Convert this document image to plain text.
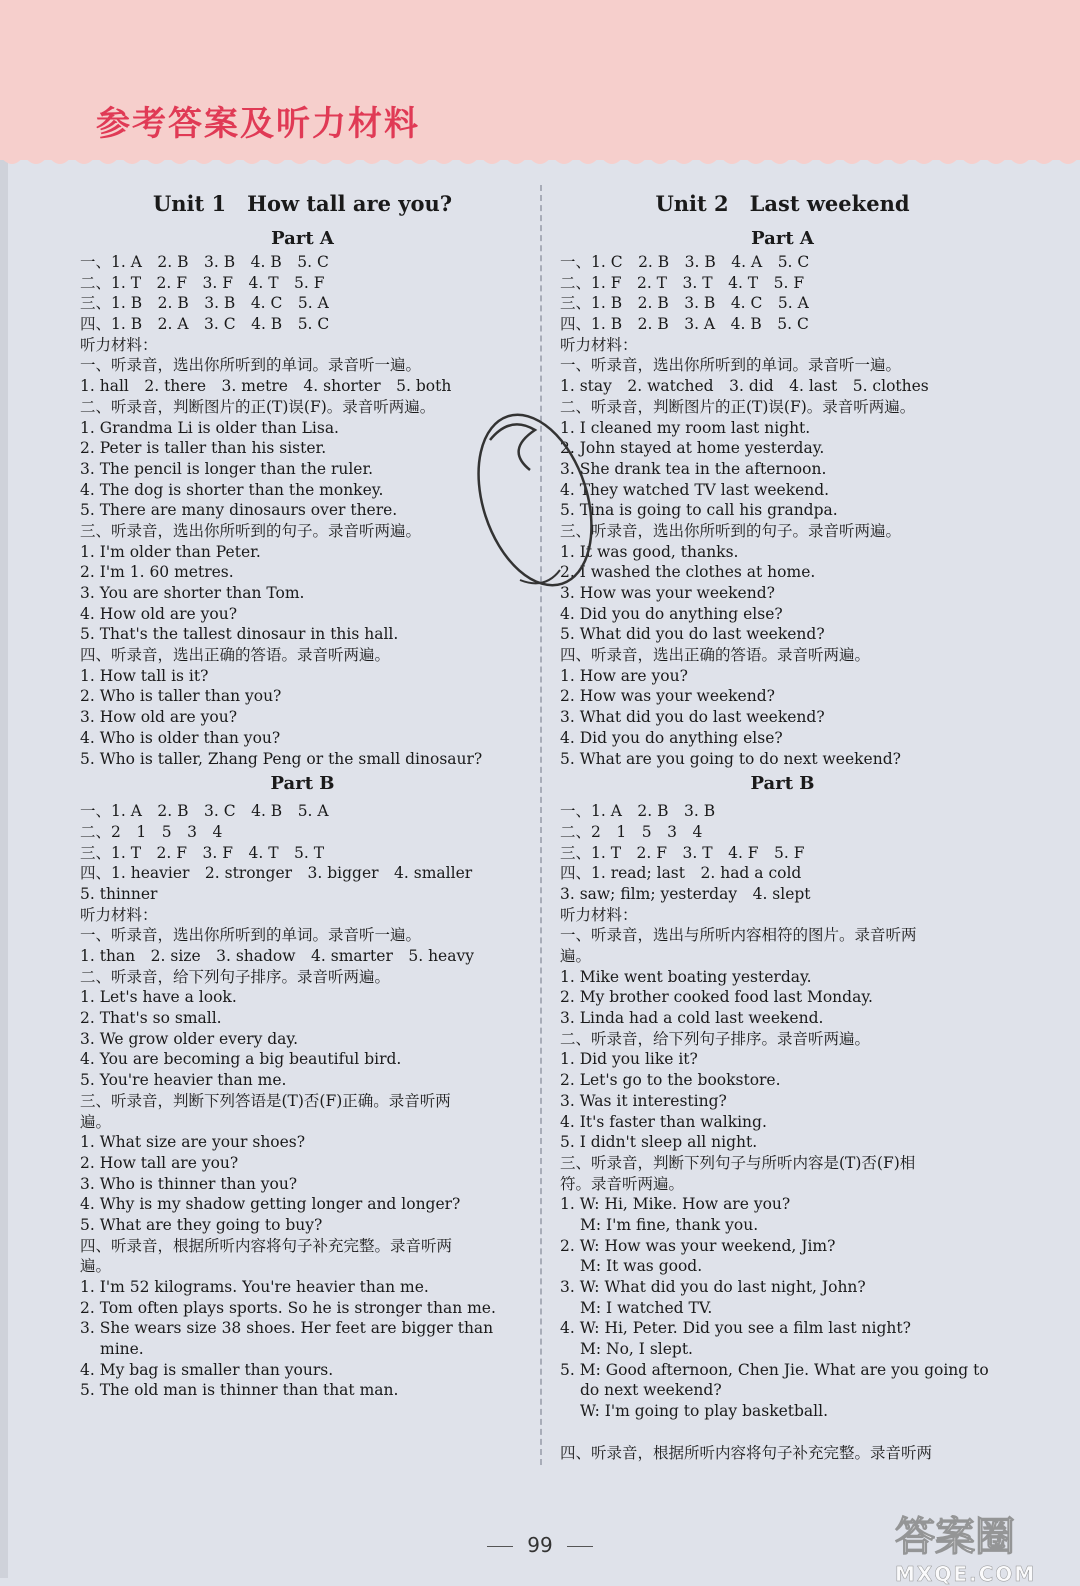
参考答案及听力材料
Unit 1　How tall are you?
Part A
一、1. A　2. B　3. B　4. B　5. C
二、1. T　2. F　3. F　4. T　5. F
三、1. B　2. B　3. B　4. C　5. A
四、1. B　2. A　3. C　4. B　5. C
听力材料：
一、听录音，选出你所听到的单词。录音听一遍。
1. hall　2. there　3. metre　4. shorter　5. both
二、听录音，判断图片的正(T)误(F)。录音听两遍。
1. Grandma Li is older than Lisa.
2. Peter is taller than his sister.
3. The pencil is longer than the ruler.
4. The dog is shorter than the monkey.
5. There are many dinosaurs over there.
三、听录音，选出你所听到的句子。录音听两遍。
1. I'm older than Peter.
2. I'm 1. 60 metres.
3. You are shorter than Tom.
4. How old are you?
5. That's the tallest dinosaur in this hall.
四、听录音，选出正确的答语。录音听两遍。
1. How tall is it?
2. Who is taller than you?
3. How old are you?
4. Who is older than you?
5. Who is taller, Zhang Peng or the small dinosaur?
Part B
一、1. A　2. B　3. C　4. B　5. A
二、2　1　5　3　4
三、1. T　2. F　3. F　4. T　5. T
四、1. heavier　2. stronger　3. bigger　4. smaller
5. thinner
听力材料：
一、听录音，选出你所听到的单词。录音听一遍。
1. than　2. size　3. shadow　4. smarter　5. heavy
二、听录音，给下列句子排序。录音听两遍。
1. Let's have a look.
2. That's so small.
3. We grow older every day.
4. You are becoming a big beautiful bird.
5. You're heavier than me.
三、听录音，判断下列答语是(T)否(F)正确。录音听两
遍。
1. What size are your shoes?
2. How tall are you?
3. Who is thinner than you?
4. Why is my shadow getting longer and longer?
5. What are they going to buy?
四、听录音，根据所听内容将句子补充完整。录音听两
遍。
1. I'm 52 kilograms. You're heavier than me.
2. Tom often plays sports. So he is stronger than me.
3. She wears size 38 shoes. Her feet are bigger than
mine.
4. My bag is smaller than yours.
5. The old man is thinner than that man.
Unit 2　Last weekend
Part A
一、1. C　2. B　3. B　4. A　5. C
二、1. F　2. T　3. T　4. T　5. F
三、1. B　2. B　3. B　4. C　5. A
四、1. B　2. B　3. A　4. B　5. C
听力材料：
一、听录音，选出你所听到的单词。录音听一遍。
1. stay　2. watched　3. did　4. last　5. clothes
二、听录音，判断图片的正(T)误(F)。录音听两遍。
1. I cleaned my room last night.
2. John stayed at home yesterday.
3. She drank tea in the afternoon.
4. They watched TV last weekend.
5. Tina is going to call his grandpa.
三、听录音，选出你所听到的句子。录音听两遍。
1. It was good, thanks.
2. I washed the clothes at home.
3. How was your weekend?
4. Did you do anything else?
5. What did you do last weekend?
四、听录音，选出正确的答语。录音听两遍。
1. How are you?
2. How was your weekend?
3. What did you do last weekend?
4. Did you do anything else?
5. What are you going to do next weekend?
Part B
一、1. A　2. B　3. B
二、2　1　5　3　4
三、1. T　2. F　3. T　4. F　5. F
四、1. read; last　2. had a cold
3. saw; film; yesterday　4. slept
听力材料：
一、听录音，选出与所听内容相符的图片。录音听两
遍。
1. Mike went boating yesterday.
2. My brother cooked food last Monday.
3. Linda had a cold last weekend.
二、听录音，给下列句子排序。录音听两遍。
1. Did you like it?
2. Let's go to the bookstore.
3. Was it interesting?
4. It's faster than walking.
5. I didn't sleep all night.
三、听录音，判断下列句子与所听内容是(T)否(F)相
符。录音听两遍。
1. W: Hi, Mike. How are you?
M: I'm fine, thank you.
2. W: How was your weekend, Jim?
M: It was good.
3. W: What did you do last night, John?
M: I watched TV.
4. W: Hi, Peter. Did you see a film last night?
M: No, I slept.
5. M: Good afternoon, Chen Jie. What are you going to
do next weekend?
W: I'm going to play basketball.

四、听录音，根据所听内容将句子补充完整。录音听两
99	答案圈
MXQE.COM
